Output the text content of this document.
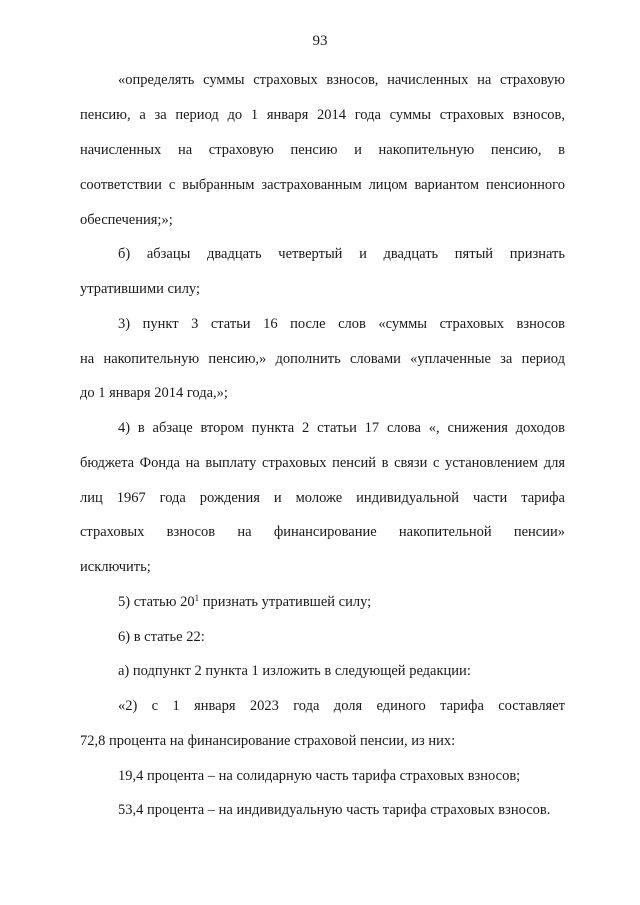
93
«определять суммы страховых взносов, начисленных на страховую
пенсию, а за период до 1 января 2014 года суммы страховых взносов,
начисленных на страховую пенсию и накопительную пенсию, в
соответствии с выбранным застрахованным лицом вариантом пенсионного
обеспечения;»;
б) абзацы двадцать четвертый и двадцать пятый признать
утратившими силу;
3) пункт 3 статьи 16 после слов «суммы страховых взносов
на накопительную пенсию,» дополнить словами «уплаченные за период
до 1 января 2014 года,»;
4) в абзаце втором пункта 2 статьи 17 слова «, снижения доходов
бюджета Фонда на выплату страховых пенсий в связи с установлением для
лиц 1967 года рождения и моложе индивидуальной части тарифа
страховых взносов на финансирование накопительной пенсии»
исключить;
5) статью $20^1$ признать утратившей силу;
6) в статье 22:
а) подпункт 2 пункта 1 изложить в следующей редакции:
«2) с 1 января 2023 года доля единого тарифа составляет
72,8 процента на финансирование страховой пенсии, из них:
19,4 процента – на солидарную часть тарифа страховых взносов;
53,4 процента – на индивидуальную часть тарифа страховых взносов.
